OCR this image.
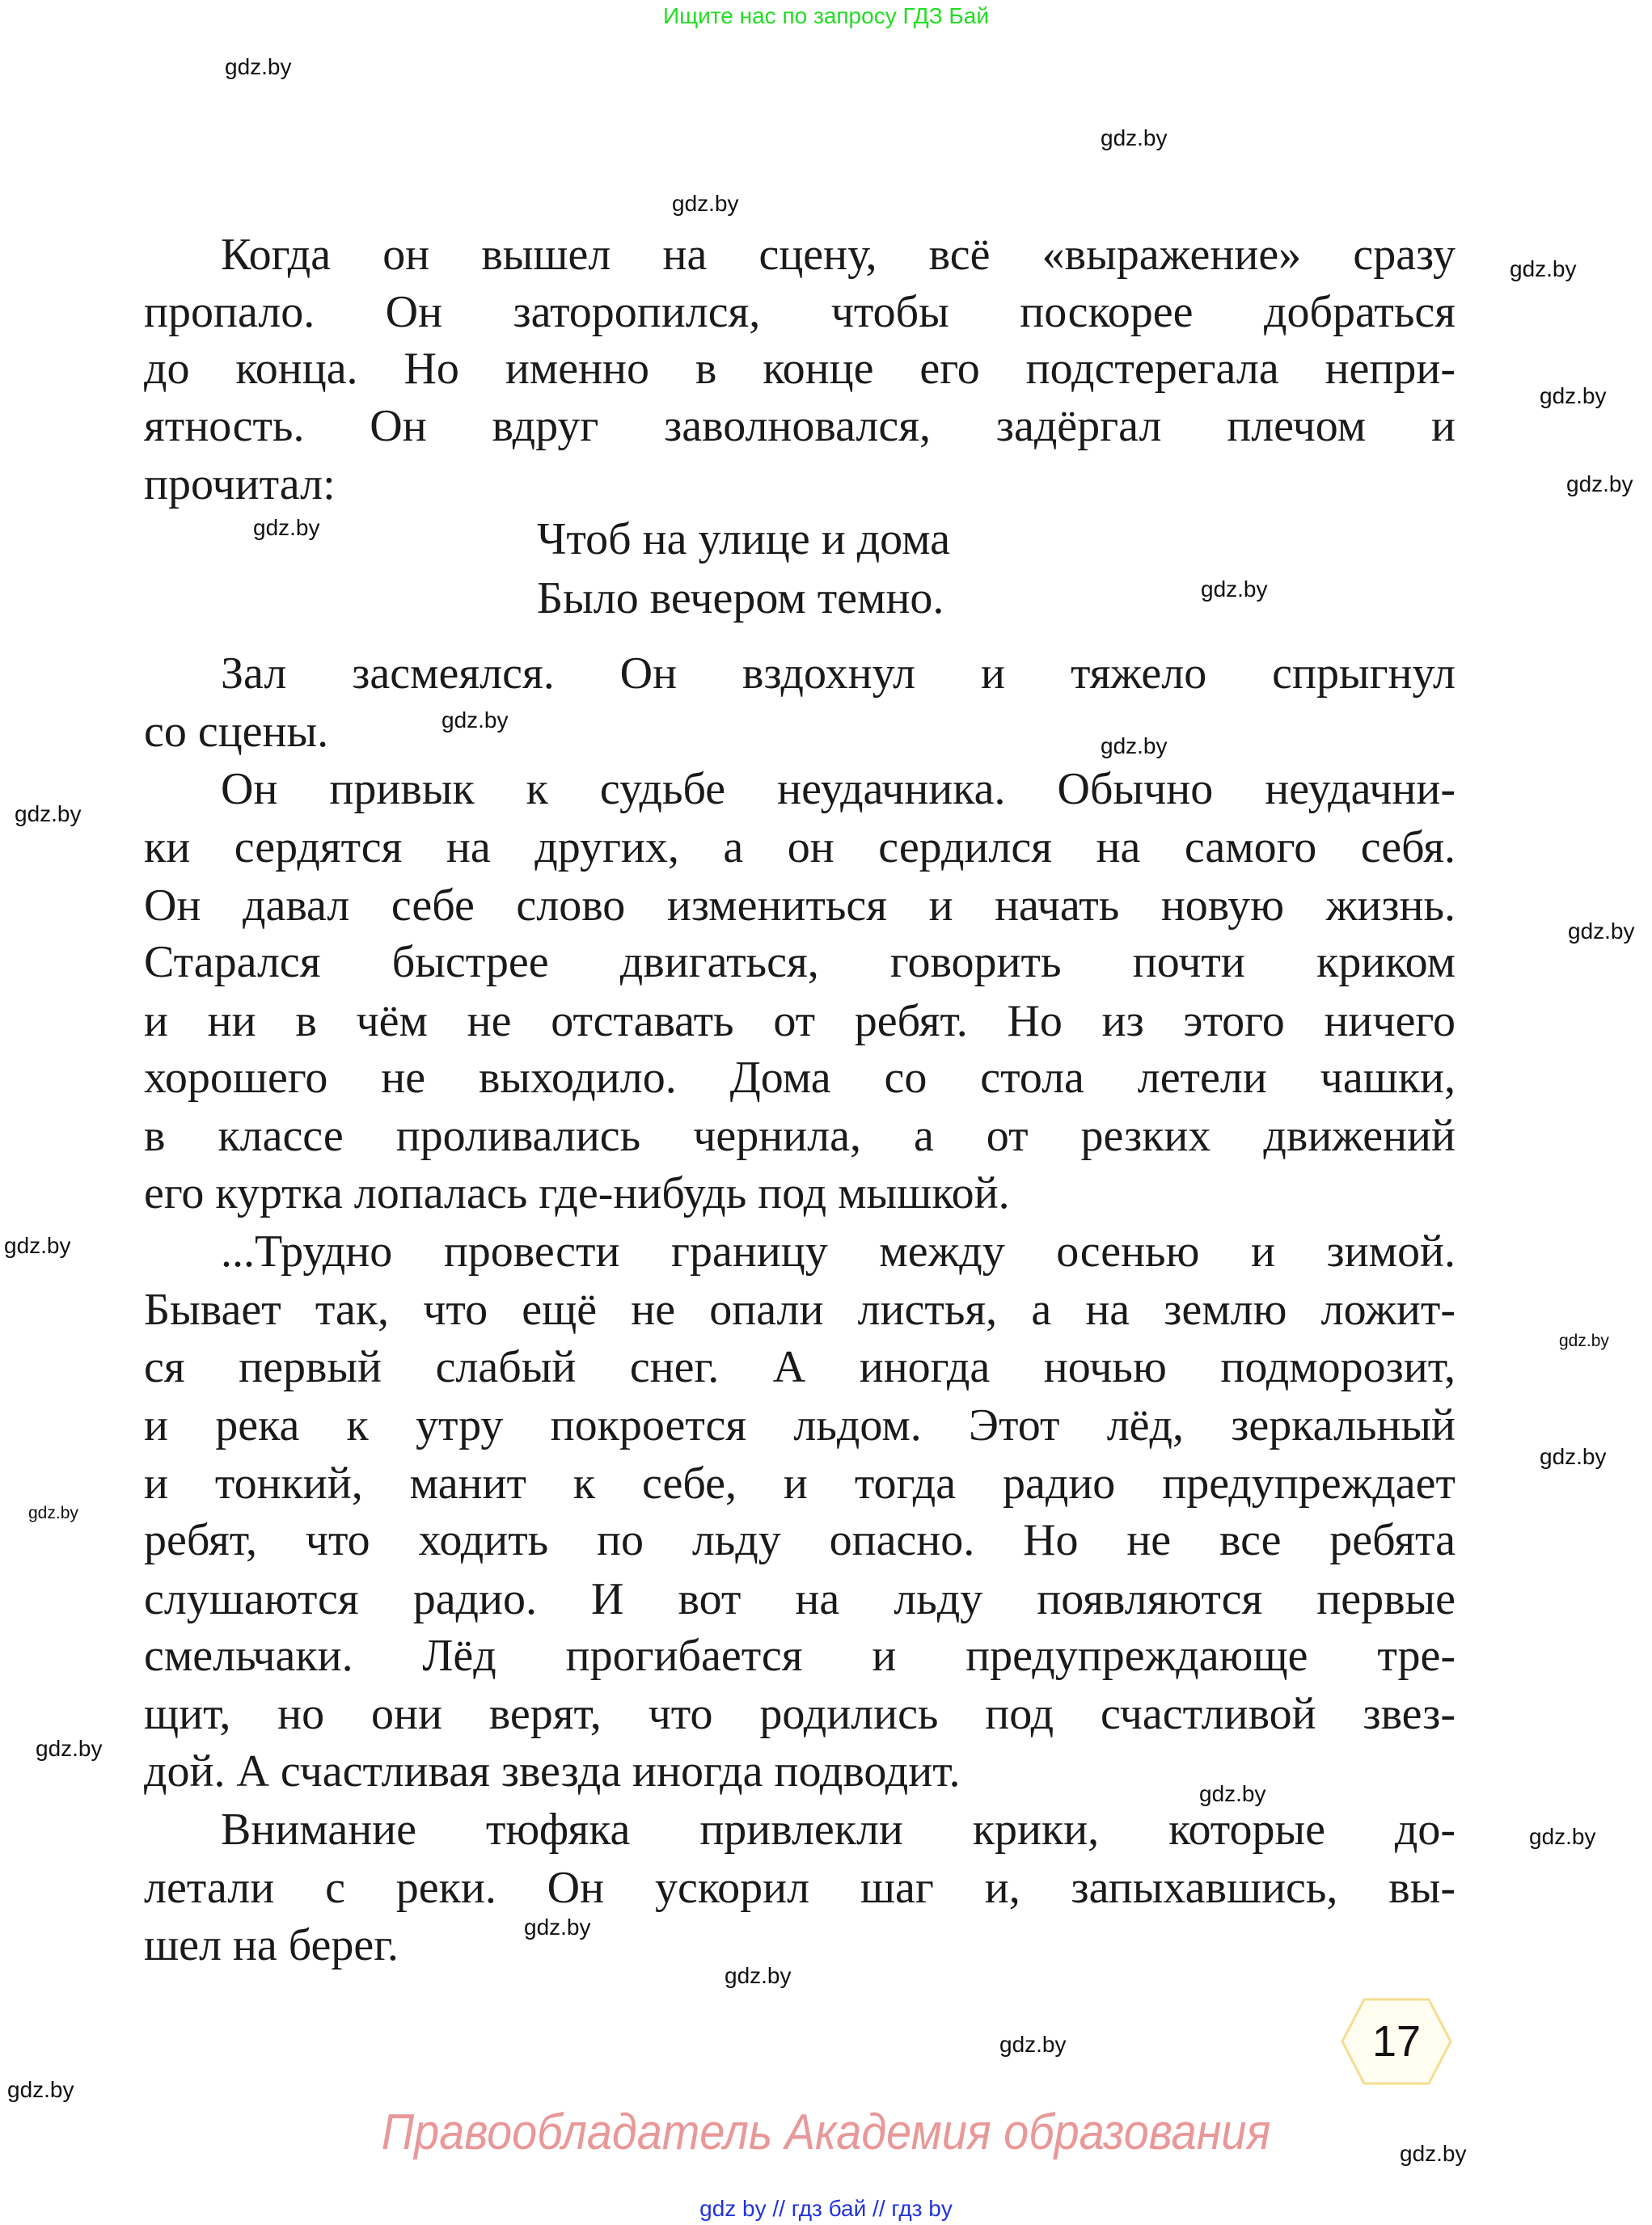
Ищите нас по запросу ГДЗ Бай
Когда он вышел на сцену, всё «выражение» сразу
пропало. Он заторопился, чтобы поскорее добраться
до конца. Но именно в конце его подстерегала непри-
ятность. Он вдруг заволновался, задёргал плечом и
прочитал:
Чтоб на улице и дома
Было вечером темно.
Зал засмеялся. Он вздохнул и тяжело спрыгнул
со сцены.
Он привык к судьбе неудачника. Обычно неудачни-
ки сердятся на других, а он сердился на самого себя.
Он давал себе слово измениться и начать новую жизнь.
Старался быстрее двигаться, говорить почти криком
и ни в чём не отставать от ребят. Но из этого ничего
хорошего не выходило. Дома со стола летели чашки,
в классе проливались чернила, а от резких движений
его куртка лопалась где-нибудь под мышкой.
...Трудно провести границу между осенью и зимой.
Бывает так, что ещё не опали листья, а на землю ложит-
ся первый слабый снег. А иногда ночью подморозит,
и река к утру покроется льдом. Этот лёд, зеркальный
и тонкий, манит к себе, и тогда радио предупреждает
ребят, что ходить по льду опасно. Но не все ребята
слушаются радио. И вот на льду появляются первые
смельчаки. Лёд прогибается и предупреждающе тре-
щит, но они верят, что родились под счастливой звез-
дой. А счастливая звезда иногда подводит.
Внимание тюфяка привлекли крики, которые до-
летали с реки. Он ускорил шаг и, запыхавшись, вы-
шел на берег.
gdz.by
gdz.by
gdz.by
gdz.by
gdz.by
gdz.by
gdz.by
gdz.by
gdz.by
gdz.by
gdz.by
gdz.by
gdz.by
gdz.by
gdz.by
gdz.by
gdz.by
gdz.by
gdz.by
gdz.by
gdz.by
gdz.by
gdz.by
gdz.by
17
Правообладатель Академия образования
gdz by // гдз бай // гдз by
